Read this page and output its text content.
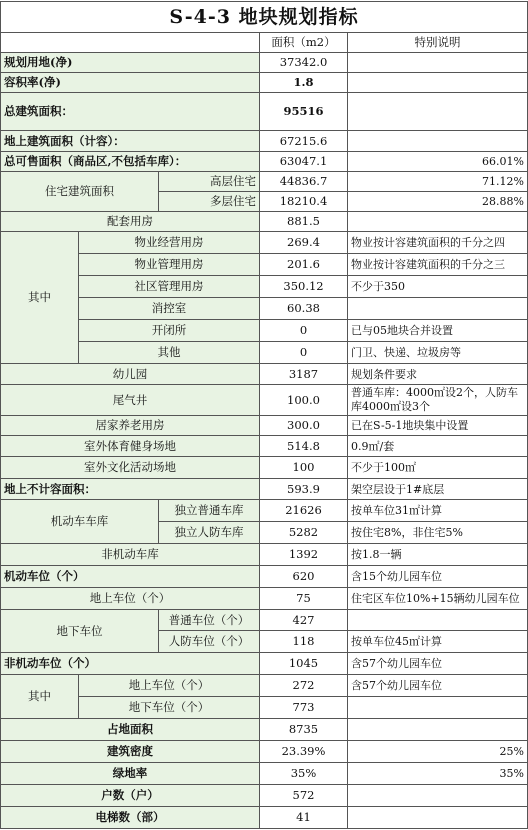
S-4-3 地块规划指标				
			面积（m2）	特别说明
规划用地(净)			37342.0	
容积率(净)			1.8	
总建筑面积：			95516	
地上建筑面积（计容）：			67215.6	
总可售面积（商品区,不包括车库）：			63047.1	66.01%
住宅建筑面积		高层住宅	44836.7	71.12%
		多层住宅	18210.4	28.88%
配套用房			881.5	
其中	物业经营用房		269.4	物业按计容建筑面积的千分之四
	物业管理用房		201.6	物业按计容建筑面积的千分之三
	社区管理用房		350.12	不少于350
	消控室		60.38	
	开闭所		0	已与05地块合并设置
	其他		0	门卫、快递、垃圾房等
幼儿园			3187	规划条件要求
尾气井			100.0	普通车库：4000㎡设2个，人防车库4000㎡设3个
居家养老用房			300.0	已在S-5-1地块集中设置
室外体育健身场地			514.8	0.9㎡/套
室外文化活动场地			100	不少于100㎡
地上不计容面积：			593.9	架空层设于1#底层
机动车车库		独立普通车库	21626	按单车位31㎡计算
		独立人防车库	5282	按住宅8%，非住宅5%
非机动车库			1392	按1.8一辆
机动车位（个）			620	含15个幼儿园车位
地上车位（个）			75	住宅区车位10%+15辆幼儿园车位
地下车位		普通车位（个）	427	
		人防车位（个）	118	按单车位45㎡计算
非机动车位（个）			1045	含57个幼儿园车位
其中	地上车位（个）		272	含57个幼儿园车位
	地下车位（个）		773	
占地面积			8735	
建筑密度			23.39%	25%
绿地率			35%	35%
户数（户）			572	
电梯数（部）			41	
